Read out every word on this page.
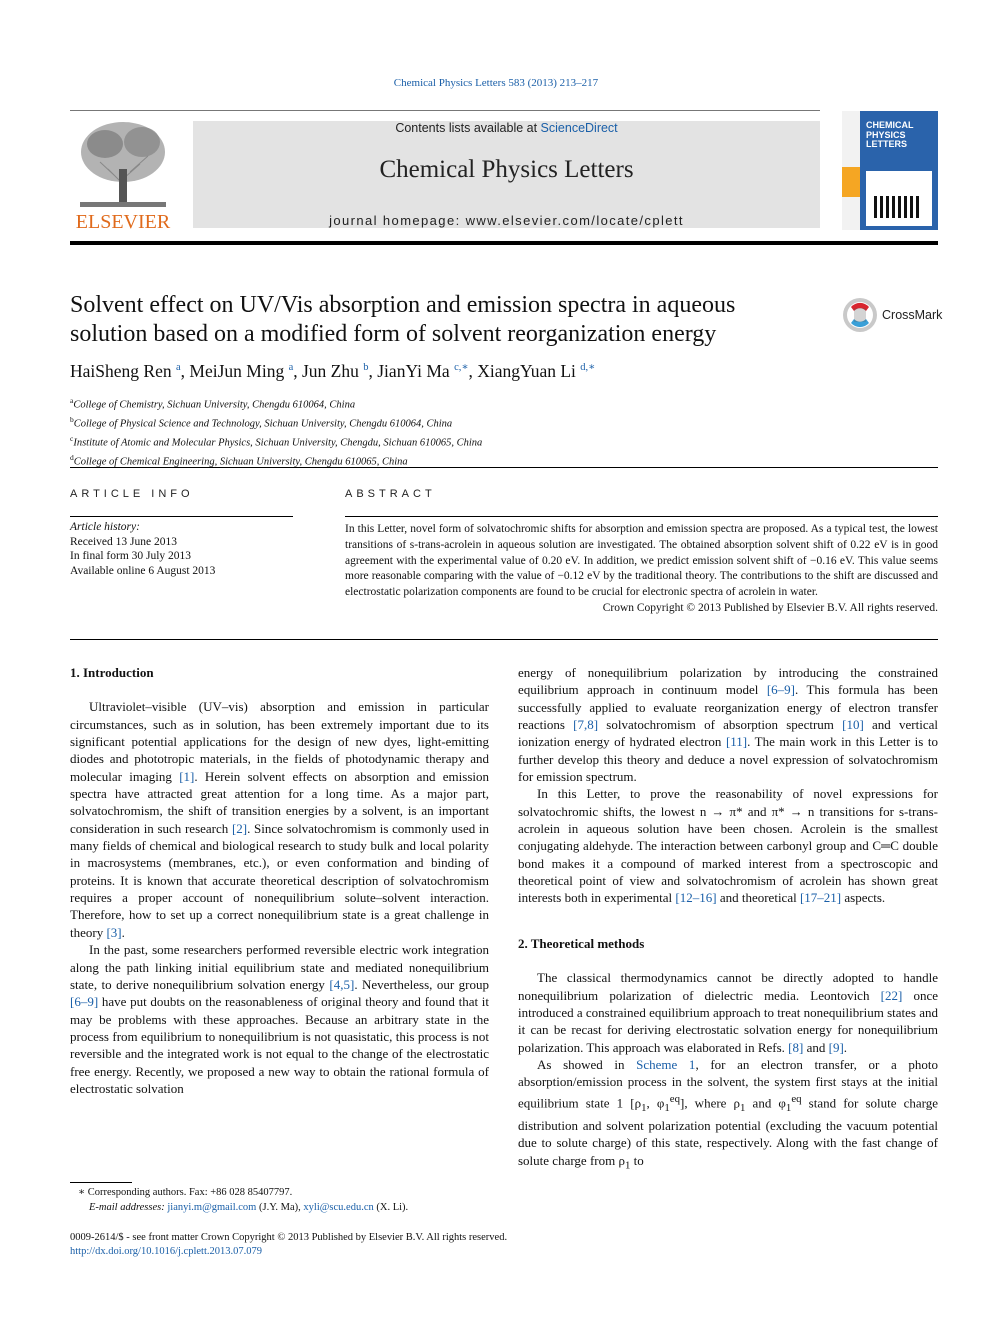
Chemical Physics Letters 583 (2013) 213–217
ELSEVIER
Contents lists available at ScienceDirect
Chemical Physics Letters
journal homepage: www.elsevier.com/locate/cplett
CHEMICAL
PHYSICS
LETTERS
Solvent effect on UV/Vis absorption and emission spectra in aqueous solution based on a modified form of solvent reorganization energy
CrossMark
HaiSheng Ren $^a$, MeiJun Ming $^a$, Jun Zhu $^b$, JianYi Ma $^{c,∗}$, XiangYuan Li $^{d,∗}$
$^a$College of Chemistry, Sichuan University, Chengdu 610064, China
$^b$College of Physical Science and Technology, Sichuan University, Chengdu 610064, China
$^c$Institute of Atomic and Molecular Physics, Sichuan University, Chengdu, Sichuan 610065, China
$^d$College of Chemical Engineering, Sichuan University, Chengdu 610065, China
ARTICLE INFO
Article history:
Received 13 June 2013
In final form 30 July 2013
Available online 6 August 2013
ABSTRACT

In this Letter, novel form of solvatochromic shifts for absorption and emission spectra are proposed. As a typical test, the lowest transitions of s-trans-acrolein in aqueous solution are investigated. The obtained absorption solvent shift of 0.22 eV is in good agreement with the experimental value of 0.20 eV. In addition, we predict emission solvent shift of −0.16 eV. This value seems more reasonable comparing with the value of −0.12 eV by the traditional theory. The contributions to the shift are discussed and electrostatic polarization components are found to be crucial for electronic spectra of acrolein in water.

Crown Copyright © 2013 Published by Elsevier B.V. All rights reserved.

1. Introduction

Ultraviolet–visible (UV–vis) absorption and emission in particular circumstances, such as in solution, has been extremely important due to its significant potential applications for the design of new dyes, light-emitting diodes and phototropic materials, in the fields of photodynamic therapy and molecular imaging [1]. Herein solvent effects on absorption and emission spectra have attracted great attention for a long time. As a major part, solvatochromism, the shift of transition energies by a solvent, is an important consideration in such research [2]. Since solvatochromism is commonly used in many fields of chemical and biological research to study bulk and local polarity in macrosystems (membranes, etc.), or even conformation and binding of proteins. It is known that accurate theoretical description of solvatochromism requires a proper account of nonequilibrium solute–solvent interaction. Therefore, how to set up a correct nonequilibrium state is a great challenge in theory [3].

In the past, some researchers performed reversible electric work integration along the path linking initial equilibrium state and mediated nonequilibrium state, to derive nonequilibrium solvation energy [4,5]. Nevertheless, our group [6–9] have put doubts on the reasonableness of original theory and found that it may be problems with these approaches. Because an arbitrary state in the process from equilibrium to nonequilibrium is not quasistatic, this process is not reversible and the integrated work is not equal to the change of the electrostatic free energy. Recently, we proposed a new way to obtain the rational formula of electrostatic solvation

energy of nonequilibrium polarization by introducing the constrained equilibrium approach in continuum model [6–9]. This formula has been successfully applied to evaluate reorganization energy of electron transfer reactions [7,8] solvatochromism of absorption spectrum [10] and vertical ionization energy of hydrated electron [11]. The main work in this Letter is to further develop this theory and deduce a novel expression of solvatochromism for emission spectrum.

In this Letter, to prove the reasonability of novel expressions for solvatochromic shifts, the lowest n → π* and π* → n transitions for s-trans-acrolein in aqueous solution have been chosen. Acrolein is the smallest conjugating aldehyde. The interaction between carbonyl group and C═C double bond makes it a compound of marked interest from a spectroscopic and theoretical point of view and solvatochromism of acrolein has shown great interests both in experimental [12–16] and theoretical [17–21] aspects.

2. Theoretical methods

The classical thermodynamics cannot be directly adopted to handle nonequilibrium polarization of dielectric media. Leontovich [22] once introduced a constrained equilibrium approach to treat nonequilibrium states and it can be recast for deriving electrostatic solvation energy for nonequilibrium polarization. This approach was elaborated in Refs. [8] and [9].

As showed in Scheme 1, for an electron transfer, or a photo absorption/emission process in the solvent, the system first stays at the initial equilibrium state 1 [$\rho_1$, $\varphi_1^{eq}$], where $\rho_1$ and $\varphi_1^{eq}$ stand for solute charge distribution and solvent polarization potential (excluding the vacuum potential due to solute charge) of this state, respectively. Along with the fast change of solute charge from $\rho_1$ to

∗ Corresponding authors. Fax: +86 028 85407797.
E-mail addresses: jianyi.m@gmail.com (J.Y. Ma), xyli@scu.edu.cn (X. Li).
0009-2614/$ - see front matter Crown Copyright © 2013 Published by Elsevier B.V. All rights reserved.
http://dx.doi.org/10.1016/j.cplett.2013.07.079
